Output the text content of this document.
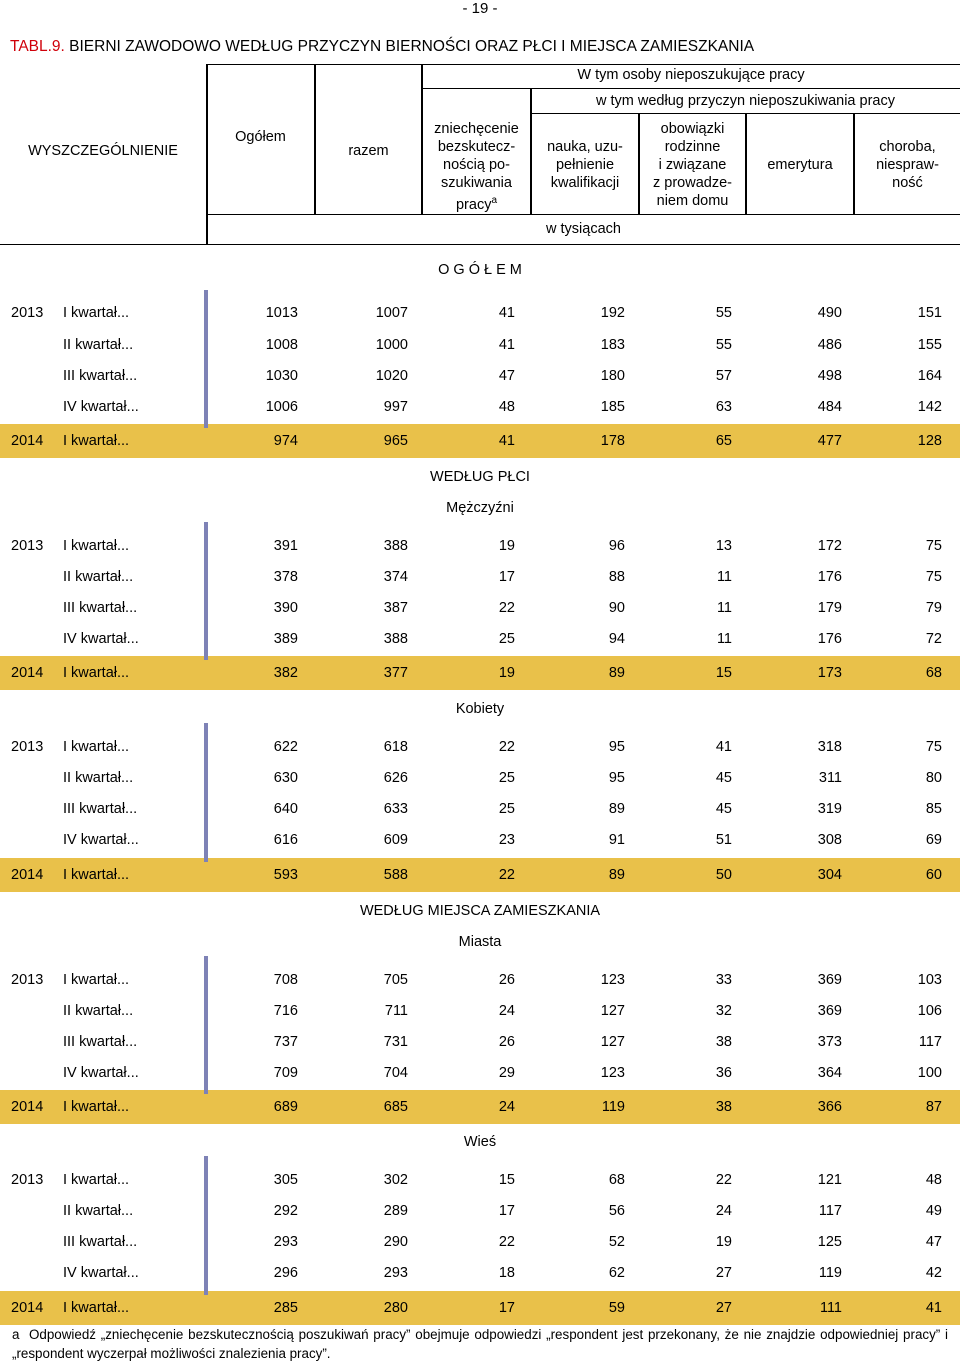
- 19 -
TABL.9. BIERNI ZAWODOWO WEDŁUG PRZYCZYN BIERNOŚCI ORAZ PŁCI I MIEJSCA ZAMIESZKANIA
WYSZCZEGÓLNIENIE
Ogółem
W tym osoby nieposzukujące pracy
razem
w tym według przyczyn nieposzukiwania pracy
zniechęcenie
bezskutecz-
nością po-
szukiwania
pracy$^a$
nauka, uzu-
pełnienie
kwalifikacji
obowiązki
rodzinne
i związane
z prowadze-
niem domu
emerytura
choroba,
niespraw-
ność
w tysiącach
O G Ó Ł E M
2013 I kwartał...	1013	1007	41	192	55	490	151
II kwartał...	1008	1000	41	183	55	486	155
III kwartał...	1030	1020	47	180	57	498	164
IV kwartał...	1006	997	48	185	63	484	142
2014 I kwartał...	974	965	41	178	65	477	128
WEDŁUG PŁCI
Mężczyźni
2013 I kwartał...	391	388	19	96	13	172	75
II kwartał...	378	374	17	88	11	176	75
III kwartał...	390	387	22	90	11	179	79
IV kwartał...	389	388	25	94	11	176	72
2014 I kwartał...	382	377	19	89	15	173	68
Kobiety
2013 I kwartał...	622	618	22	95	41	318	75
II kwartał...	630	626	25	95	45	311	80
III kwartał...	640	633	25	89	45	319	85
IV kwartał...	616	609	23	91	51	308	69
2014 I kwartał...	593	588	22	89	50	304	60
WEDŁUG MIEJSCA ZAMIESZKANIA
Miasta
2013 I kwartał...	708	705	26	123	33	369	103
II kwartał...	716	711	24	127	32	369	106
III kwartał...	737	731	26	127	38	373	117
IV kwartał...	709	704	29	123	36	364	100
2014 I kwartał...	689	685	24	119	38	366	87
Wieś
2013 I kwartał...	305	302	15	68	22	121	48
II kwartał...	292	289	17	56	24	117	49
III kwartał...	293	290	22	52	19	125	47
IV kwartał...	296	293	18	62	27	119	42
2014 I kwartał...	285	280	17	59	27	111	41
a Odpowiedź „zniechęcenie bezskutecznością poszukiwań pracy” obejmuje odpowiedzi „respondent jest przekonany, że nie znajdzie odpowiedniej pracy” i „respondent wyczerpał możliwości znalezienia pracy”.
